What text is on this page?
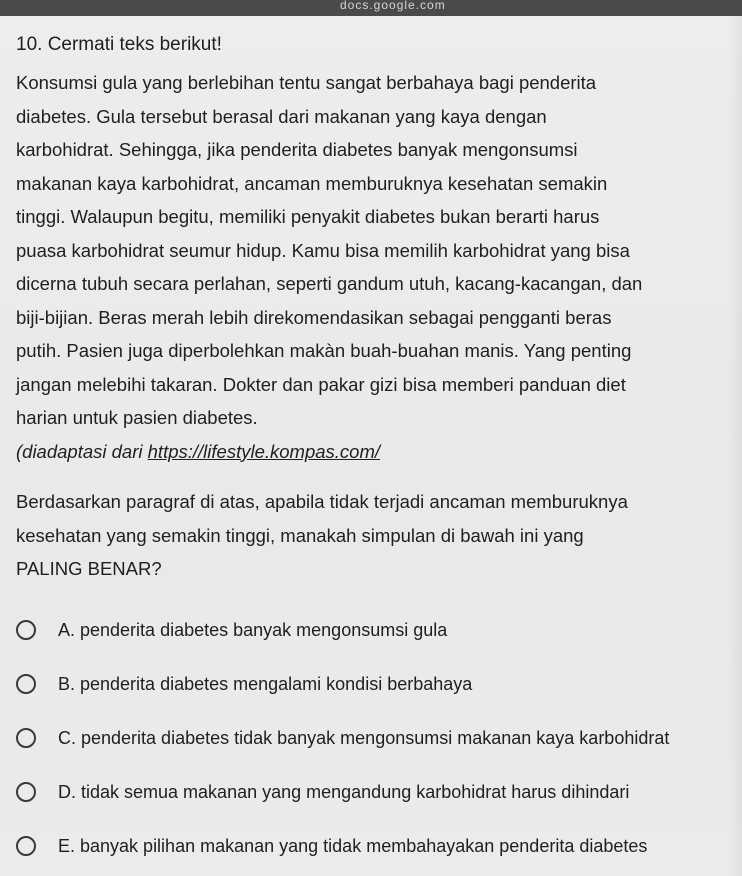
docs.google.com
10. Cermati teks berikut!
Konsumsi gula yang berlebihan tentu sangat berbahaya bagi penderita
diabetes. Gula tersebut berasal dari makanan yang kaya dengan
karbohidrat. Sehingga, jika penderita diabetes banyak mengonsumsi
makanan kaya karbohidrat, ancaman memburuknya kesehatan semakin
tinggi. Walaupun begitu, memiliki penyakit diabetes bukan berarti harus
puasa karbohidrat seumur hidup. Kamu bisa memilih karbohidrat yang bisa
dicerna tubuh secara perlahan, seperti gandum utuh, kacang-kacangan, dan
biji-bijian. Beras merah lebih direkomendasikan sebagai pengganti beras
putih. Pasien juga diperbolehkan makàn buah-buahan manis. Yang penting
jangan melebihi takaran. Dokter dan pakar gizi bisa memberi panduan diet
harian untuk pasien diabetes.
(diadaptasi dari https://lifestyle.kompas.com/
Berdasarkan paragraf di atas, apabila tidak terjadi ancaman memburuknya
kesehatan yang semakin tinggi, manakah simpulan di bawah ini yang
PALING BENAR?
A. penderita diabetes banyak mengonsumsi gula
B. penderita diabetes mengalami kondisi berbahaya
C. penderita diabetes tidak banyak mengonsumsi makanan kaya karbohidrat
D. tidak semua makanan yang mengandung karbohidrat harus dihindari
E. banyak pilihan makanan yang tidak membahayakan penderita diabetes
